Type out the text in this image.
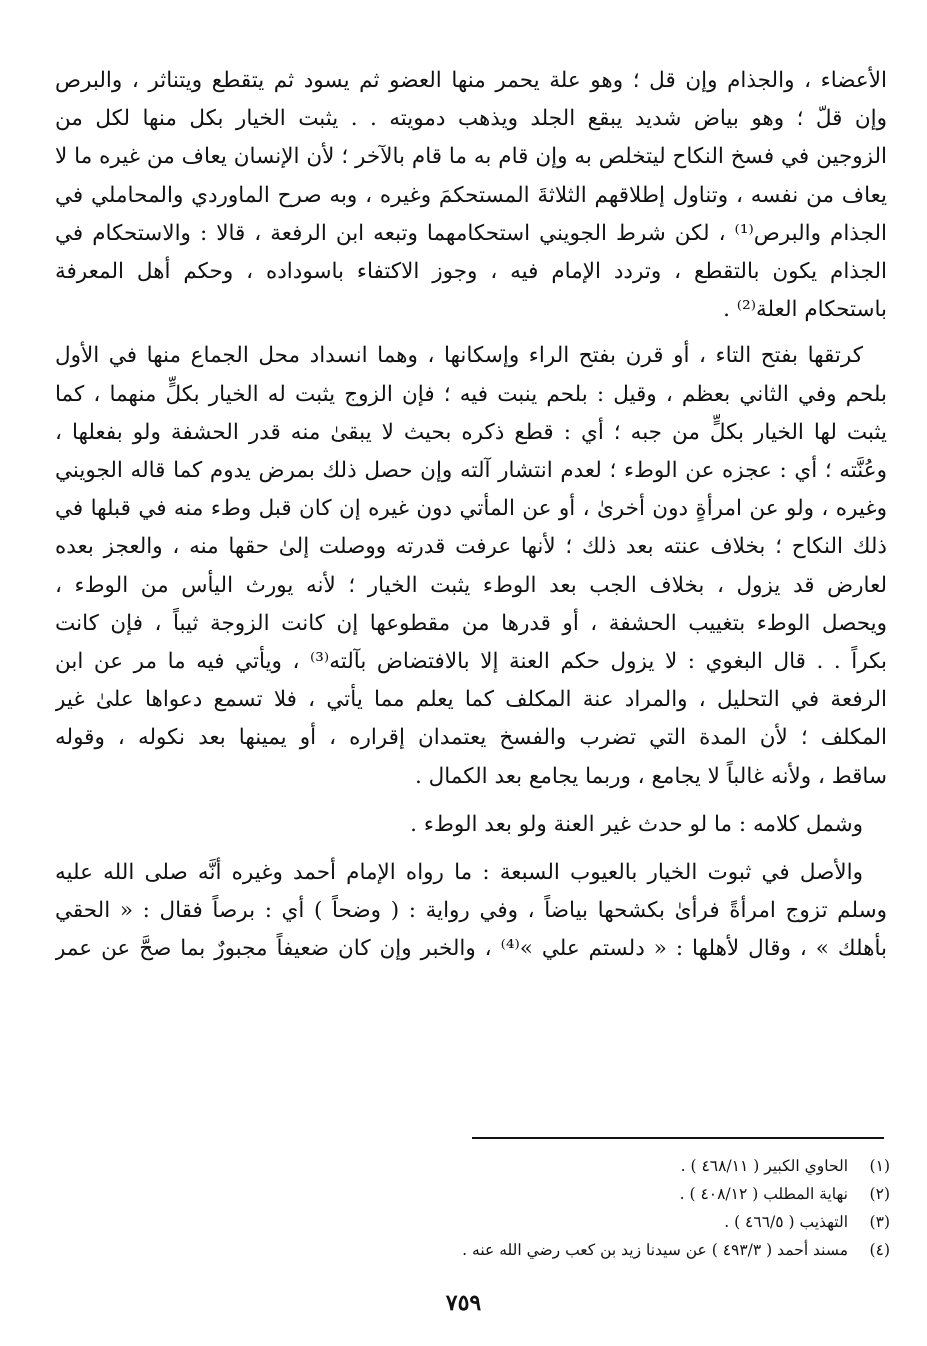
الأعضاء ، والجذام وإن قل ؛ وهو علة يحمر منها العضو ثم يسود ثم يتقطع ويتناثر ، والبرص
وإن قلّ ؛ وهو بياض شديد يبقع الجلد ويذهب دمويته . . يثبت الخيار بكل منها لكل من
الزوجين في فسخ النكاح ليتخلص به وإن قام به ما قام بالآخر ؛ لأن الإنسان يعاف من غيره ما لا
يعاف من نفسه ، وتناول إطلاقهم الثلاثةَ المستحكمَ وغيره ، وبه صرح الماوردي والمحاملي في
الجذام والبرص⁽¹⁾ ، لكن شرط الجويني استحكامهما وتبعه ابن الرفعة ، قالا : والاستحكام في
الجذام يكون بالتقطع ، وتردد الإمام فيه ، وجوز الاكتفاء باسوداده ، وحكم أهل المعرفة
باستحكام العلة⁽²⁾ .

كرتقها بفتح التاء ، أو قرن بفتح الراء وإسكانها ، وهما انسداد محل الجماع منها في الأول
بلحم وفي الثاني بعظم ، وقيل : بلحم ينبت فيه ؛ فإن الزوج يثبت له الخيار بكلٍّ منهما ، كما
يثبت لها الخيار بكلٍّ من جبه ؛ أي : قطع ذكره بحيث لا يبقىٰ منه قدر الحشفة ولو بفعلها ،
وعُنَّته ؛ أي : عجزه عن الوطء ؛ لعدم انتشار آلته وإن حصل ذلك بمرض يدوم كما قاله الجويني
وغيره ، ولو عن امرأةٍ دون أخرىٰ ، أو عن المأتي دون غيره إن كان قبل وطء منه في قبلها في
ذلك النكاح ؛ بخلاف عنته بعد ذلك ؛ لأنها عرفت قدرته ووصلت إلىٰ حقها منه ، والعجز بعده
لعارض قد يزول ، بخلاف الجب بعد الوطء يثبت الخيار ؛ لأنه يورث اليأس من الوطء ،
ويحصل الوطء بتغييب الحشفة ، أو قدرها من مقطوعها إن كانت الزوجة ثيباً ، فإن كانت
بكراً . . قال البغوي : لا يزول حكم العنة إلا بالافتضاض بآلته⁽³⁾ ، ويأتي فيه ما مر عن ابن
الرفعة في التحليل ، والمراد عنة المكلف كما يعلم مما يأتي ، فلا تسمع دعواها علىٰ غير
المكلف ؛ لأن المدة التي تضرب والفسخ يعتمدان إقراره ، أو يمينها بعد نكوله ، وقوله
ساقط ، ولأنه غالباً لا يجامع ، وربما يجامع بعد الكمال .

وشمل كلامه : ما لو حدث غير العنة ولو بعد الوطء .

والأصل في ثبوت الخيار بالعيوب السبعة : ما رواه الإمام أحمد وغيره أنَّه صلى الله عليه
وسلم تزوج امرأةً فرأىٰ بكشحها بياضاً ، وفي رواية : ( وضحاً ) أي : برصاً فقال : « الحقي
بأهلك » ، وقال لأهلها : « دلستم علي »⁽⁴⁾ ، والخبر وإن كان ضعيفاً مجبورٌ بما صحَّ عن عمر

(١)
الحاوي الكبير ( ٤٦٨/١١ ) .
(٢)
نهاية المطلب ( ٤٠٨/١٢ ) .
(٣)
التهذيب ( ٤٦٦/٥ ) .
(٤)
مسند أحمد ( ٤٩٣/٣ ) عن سيدنا زيد بن كعب رضي الله عنه .
٧٥٩
